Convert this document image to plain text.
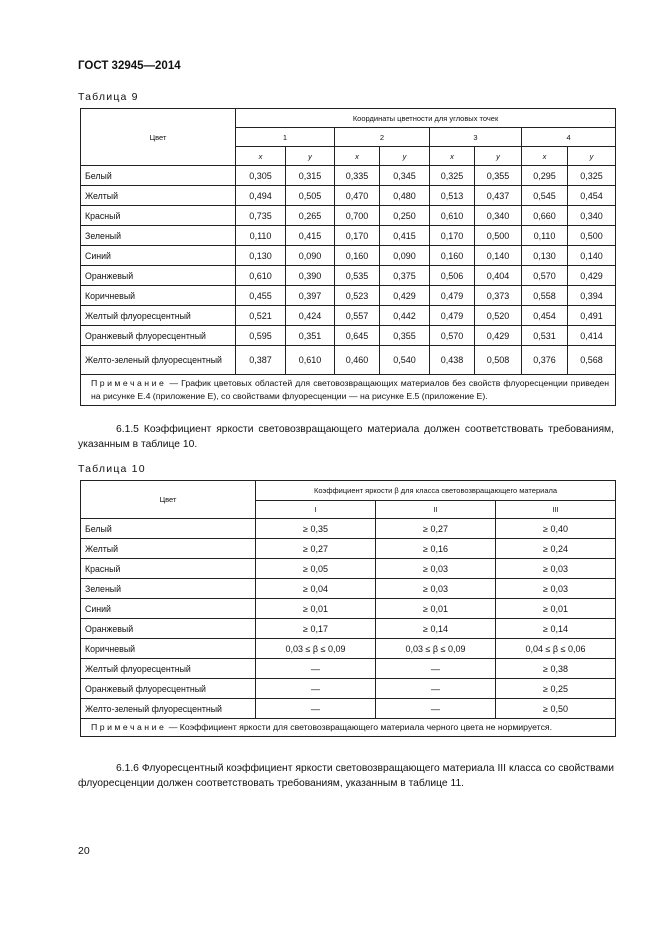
ГОСТ 32945—2014
Таблица 9
Цвет	Координаты цветности для угловых точек							
	1		2		3		4	
	x	y	x	y	x	y	x	y
Белый	0,305	0,315	0,335	0,345	0,325	0,355	0,295	0,325
Желтый	0,494	0,505	0,470	0,480	0,513	0,437	0,545	0,454
Красный	0,735	0,265	0,700	0,250	0,610	0,340	0,660	0,340
Зеленый	0,110	0,415	0,170	0,415	0,170	0,500	0,110	0,500
Синий	0,130	0,090	0,160	0,090	0,160	0,140	0,130	0,140
Оранжевый	0,610	0,390	0,535	0,375	0,506	0,404	0,570	0,429
Коричневый	0,455	0,397	0,523	0,429	0,479	0,373	0,558	0,394
Желтый флуоресцентный	0,521	0,424	0,557	0,442	0,479	0,520	0,454	0,491
Оранжевый флуоресцентный	0,595	0,351	0,645	0,355	0,570	0,429	0,531	0,414
Желто-зеленый флуоресцентный	0,387	0,610	0,460	0,540	0,438	0,508	0,376	0,568
Примечание — График цветовых областей для световозвращающих материалов без свойств флуоресценции приведен на рисунке Е.4 (приложение Е), со свойствами флуоресценции — на рисунке Е.5 (приложение Е).								
6.1.5 Коэффициент яркости световозвращающего материала должен соответствовать требованиям, указанным в таблице 10.
Таблица 10
Цвет	Коэффициент яркости β для класса световозвращающего материала		
	I	II	III
Белый	≥ 0,35	≥ 0,27	≥ 0,40
Желтый	≥ 0,27	≥ 0,16	≥ 0,24
Красный	≥ 0,05	≥ 0,03	≥ 0,03
Зеленый	≥ 0,04	≥ 0,03	≥ 0,03
Синий	≥ 0,01	≥ 0,01	≥ 0,01
Оранжевый	≥ 0,17	≥ 0,14	≥ 0,14
Коричневый	0,03 ≤ β ≤ 0,09	0,03 ≤ β ≤ 0,09	0,04 ≤ β ≤ 0,06
Желтый флуоресцентный	—	—	≥ 0,38
Оранжевый флуоресцентный	—	—	≥ 0,25
Желто-зеленый флуоресцентный	—	—	≥ 0,50
Примечание — Коэффициент яркости для световозвращающего материала черного цвета не нормируется.			
6.1.6 Флуоресцентный коэффициент яркости световозвращающего материала III класса со свойствами флуоресценции должен соответствовать требованиям, указанным в таблице 11.
20
